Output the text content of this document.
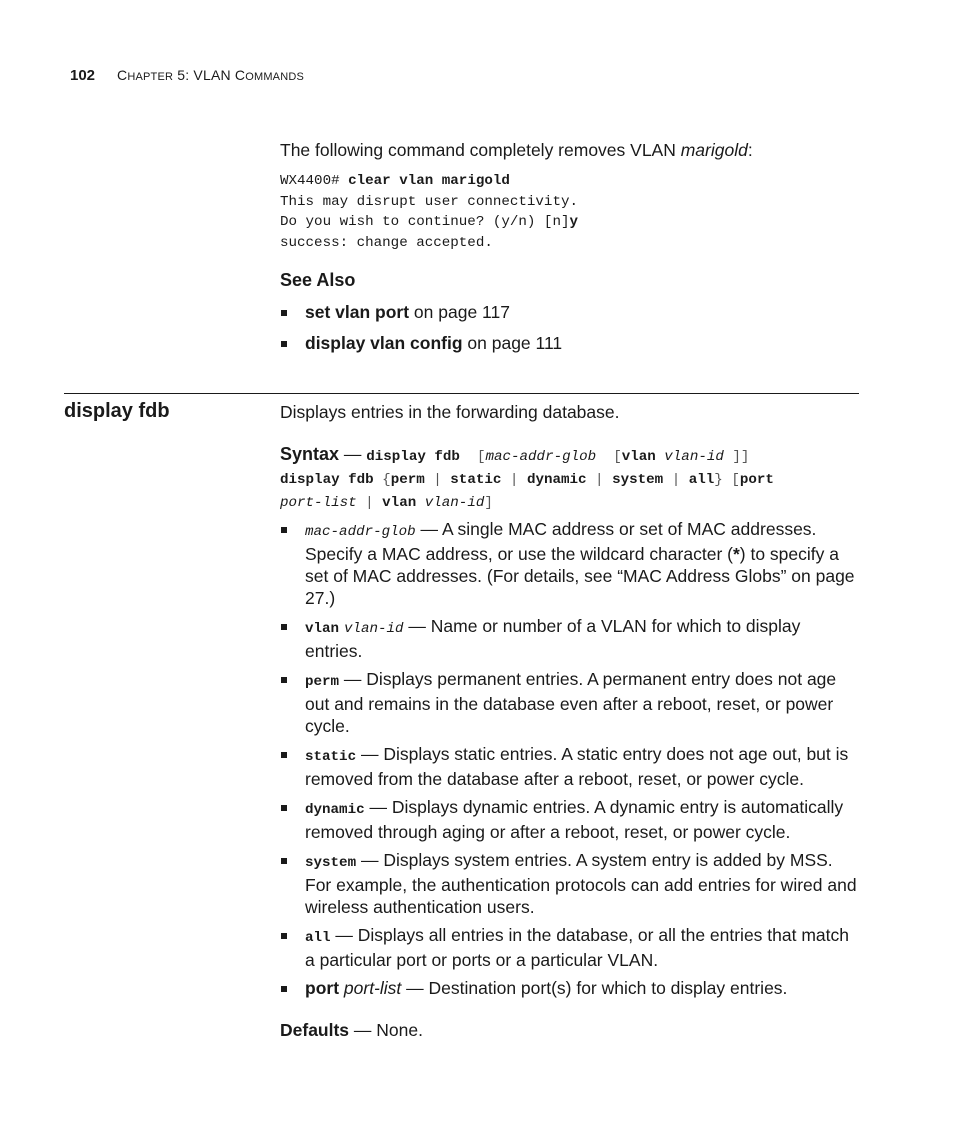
102 CHAPTER 5: VLAN COMMANDS
The following command completely removes VLAN marigold:
WX4400# clear vlan marigold
This may disrupt user connectivity.
Do you wish to continue? (y/n) [n]y
success: change accepted.
See Also
set vlan port on page 117
display vlan config on page 111
display fdb	Displays entries in the forwarding database.
Syntax — display fdb [mac-addr-glob [vlan vlan-id ]]
display fdb {perm | static | dynamic | system | all} [port
port-list | vlan vlan-id]
mac-addr-glob — A single MAC address or set of MAC addresses. Specify a MAC address, or use the wildcard character (*) to specify a set of MAC addresses. (For details, see “MAC Address Globs” on page 27.)
vlan vlan-id — Name or number of a VLAN for which to display entries.
perm — Displays permanent entries. A permanent entry does not age out and remains in the database even after a reboot, reset, or power cycle.
static — Displays static entries. A static entry does not age out, but is removed from the database after a reboot, reset, or power cycle.
dynamic — Displays dynamic entries. A dynamic entry is automatically removed through aging or after a reboot, reset, or power cycle.
system — Displays system entries. A system entry is added by MSS. For example, the authentication protocols can add entries for wired and wireless authentication users.
all — Displays all entries in the database, or all the entries that match a particular port or ports or a particular VLAN.
port port-list — Destination port(s) for which to display entries.
Defaults — None.
